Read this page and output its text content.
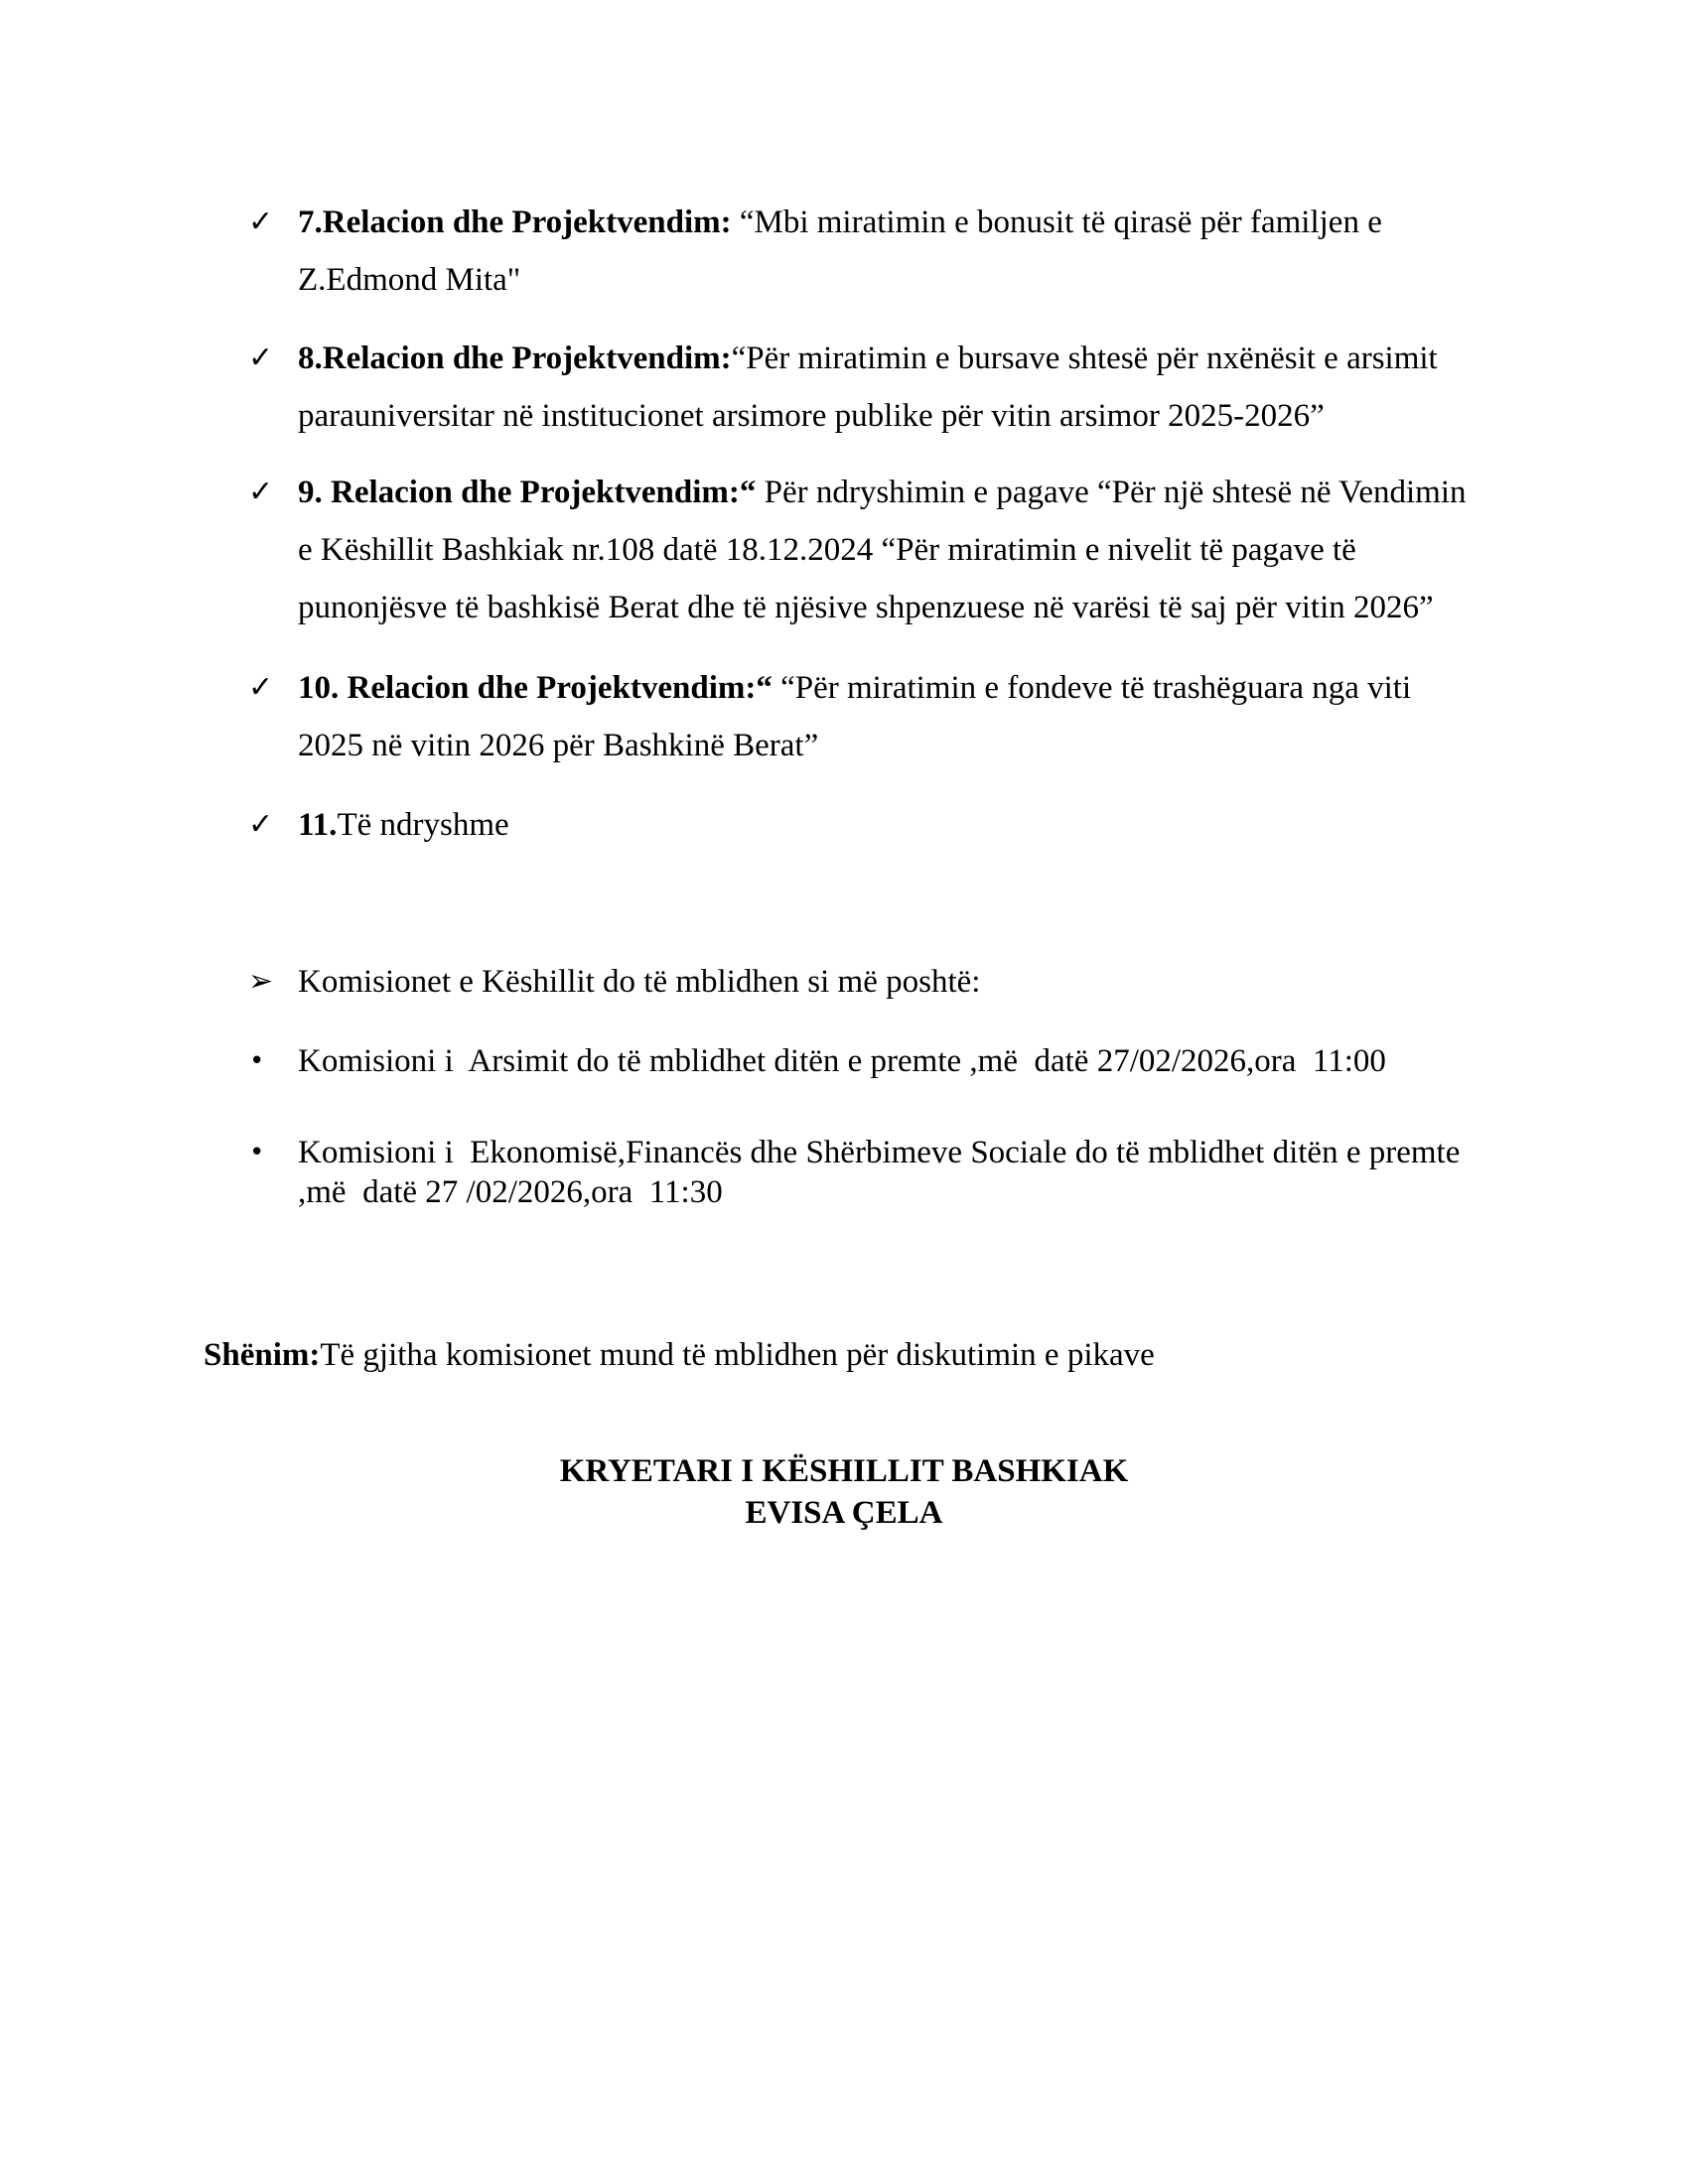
✓ 7.Relacion dhe Projektvendim: “Mbi miratimin e bonusit të qirasë për familjen e
Z.Edmond Mita"
✓ 8.Relacion dhe Projektvendim:“Për miratimin e bursave shtesë për nxënësit e arsimit
parauniversitar në institucionet arsimore publike për vitin arsimor 2025-2026”
✓ 9. Relacion dhe Projektvendim:“ Për ndryshimin e pagave “Për një shtesë në Vendimin
e Këshillit Bashkiak nr.108 datë 18.12.2024 “Për miratimin e nivelit të pagave të
punonjësve të bashkisë Berat dhe të njësive shpenzuese në varësi të saj për vitin 2026”
✓ 10. Relacion dhe Projektvendim:“ “Për miratimin e fondeve të trashëguara nga viti
2025 në vitin 2026 për Bashkinë Berat”
✓ 11.Të ndryshme
➢ Komisionet e Këshillit do të mblidhen si më poshtë:
• Komisioni i  Arsimit do të mblidhet ditën e premte ,më  datë 27/02/2026,ora  11:00
• Komisioni i  Ekonomisë,Financës dhe Shërbimeve Sociale do të mblidhet ditën e premte
,më  datë 27 /02/2026,ora  11:30
Shënim:Të gjitha komisionet mund të mblidhen për diskutimin e pikave
KRYETARI I KËSHILLIT BASHKIAK
EVISA ÇELA
